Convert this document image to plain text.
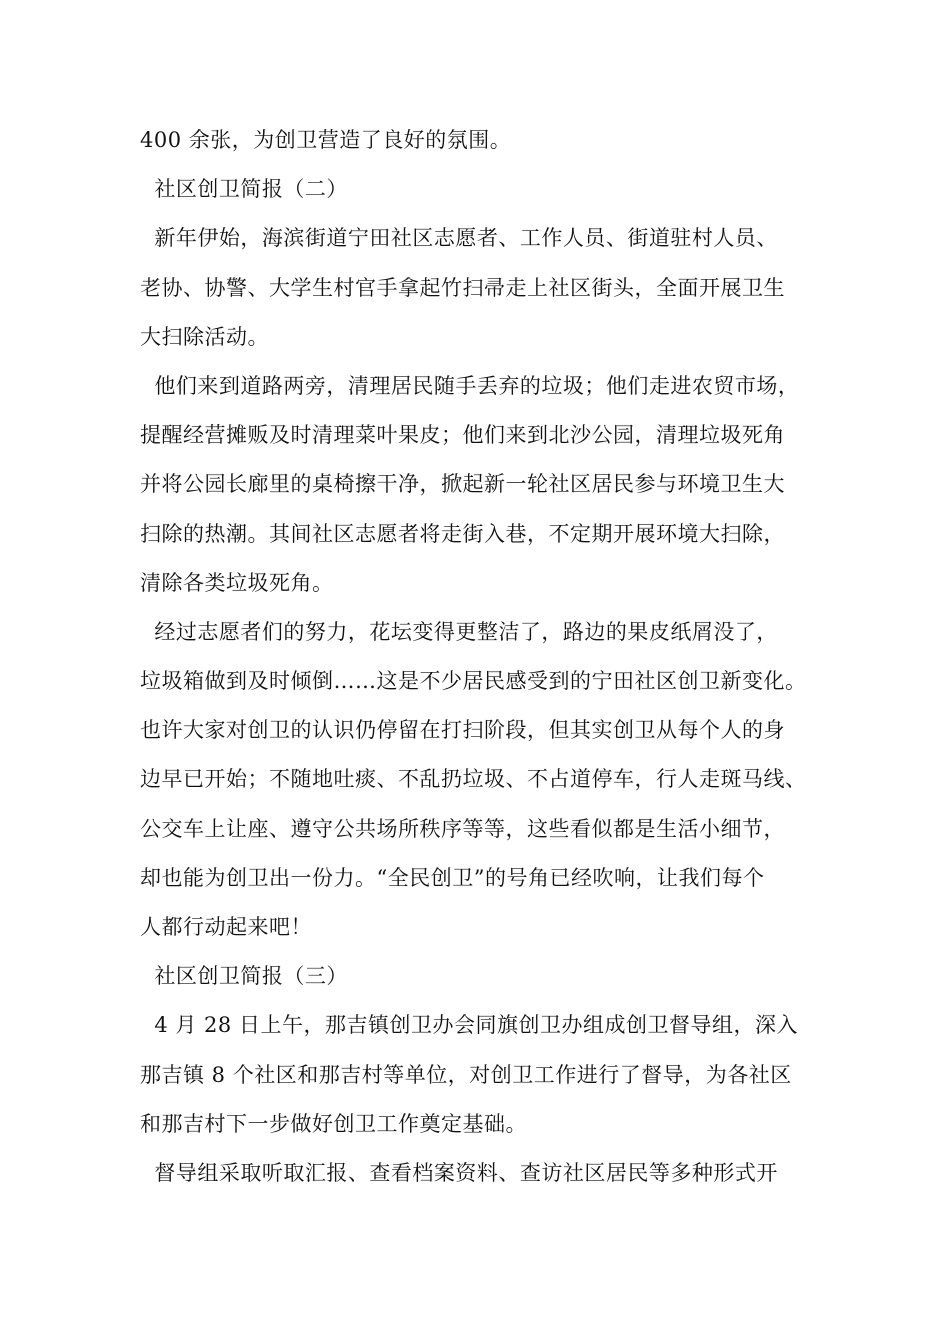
400 余张，为创卫营造了良好的氛围。
社区创卫简报（二）
新年伊始，海滨街道宁田社区志愿者、工作人员、街道驻村人员、
老协、协警、大学生村官手拿起竹扫帚走上社区街头，全面开展卫生
大扫除活动。
他们来到道路两旁，清理居民随手丢弃的垃圾；他们走进农贸市场，
提醒经营摊贩及时清理菜叶果皮；他们来到北沙公园，清理垃圾死角
并将公园长廊里的桌椅擦干净，掀起新一轮社区居民参与环境卫生大
扫除的热潮。其间社区志愿者将走街入巷，不定期开展环境大扫除，
清除各类垃圾死角。
经过志愿者们的努力，花坛变得更整洁了，路边的果皮纸屑没了，
垃圾箱做到及时倾倒……这是不少居民感受到的宁田社区创卫新变化。
也许大家对创卫的认识仍停留在打扫阶段，但其实创卫从每个人的身
边早已开始；不随地吐痰、不乱扔垃圾、不占道停车，行人走斑马线、
公交车上让座、遵守公共场所秩序等等，这些看似都是生活小细节，
却也能为创卫出一份力。“全民创卫”的号角已经吹响，让我们每个
人都行动起来吧！
社区创卫简报（三）
4 月 28 日上午，那吉镇创卫办会同旗创卫办组成创卫督导组，深入
那吉镇 8 个社区和那吉村等单位，对创卫工作进行了督导，为各社区
和那吉村下一步做好创卫工作奠定基础。
督导组采取听取汇报、查看档案资料、查访社区居民等多种形式开
